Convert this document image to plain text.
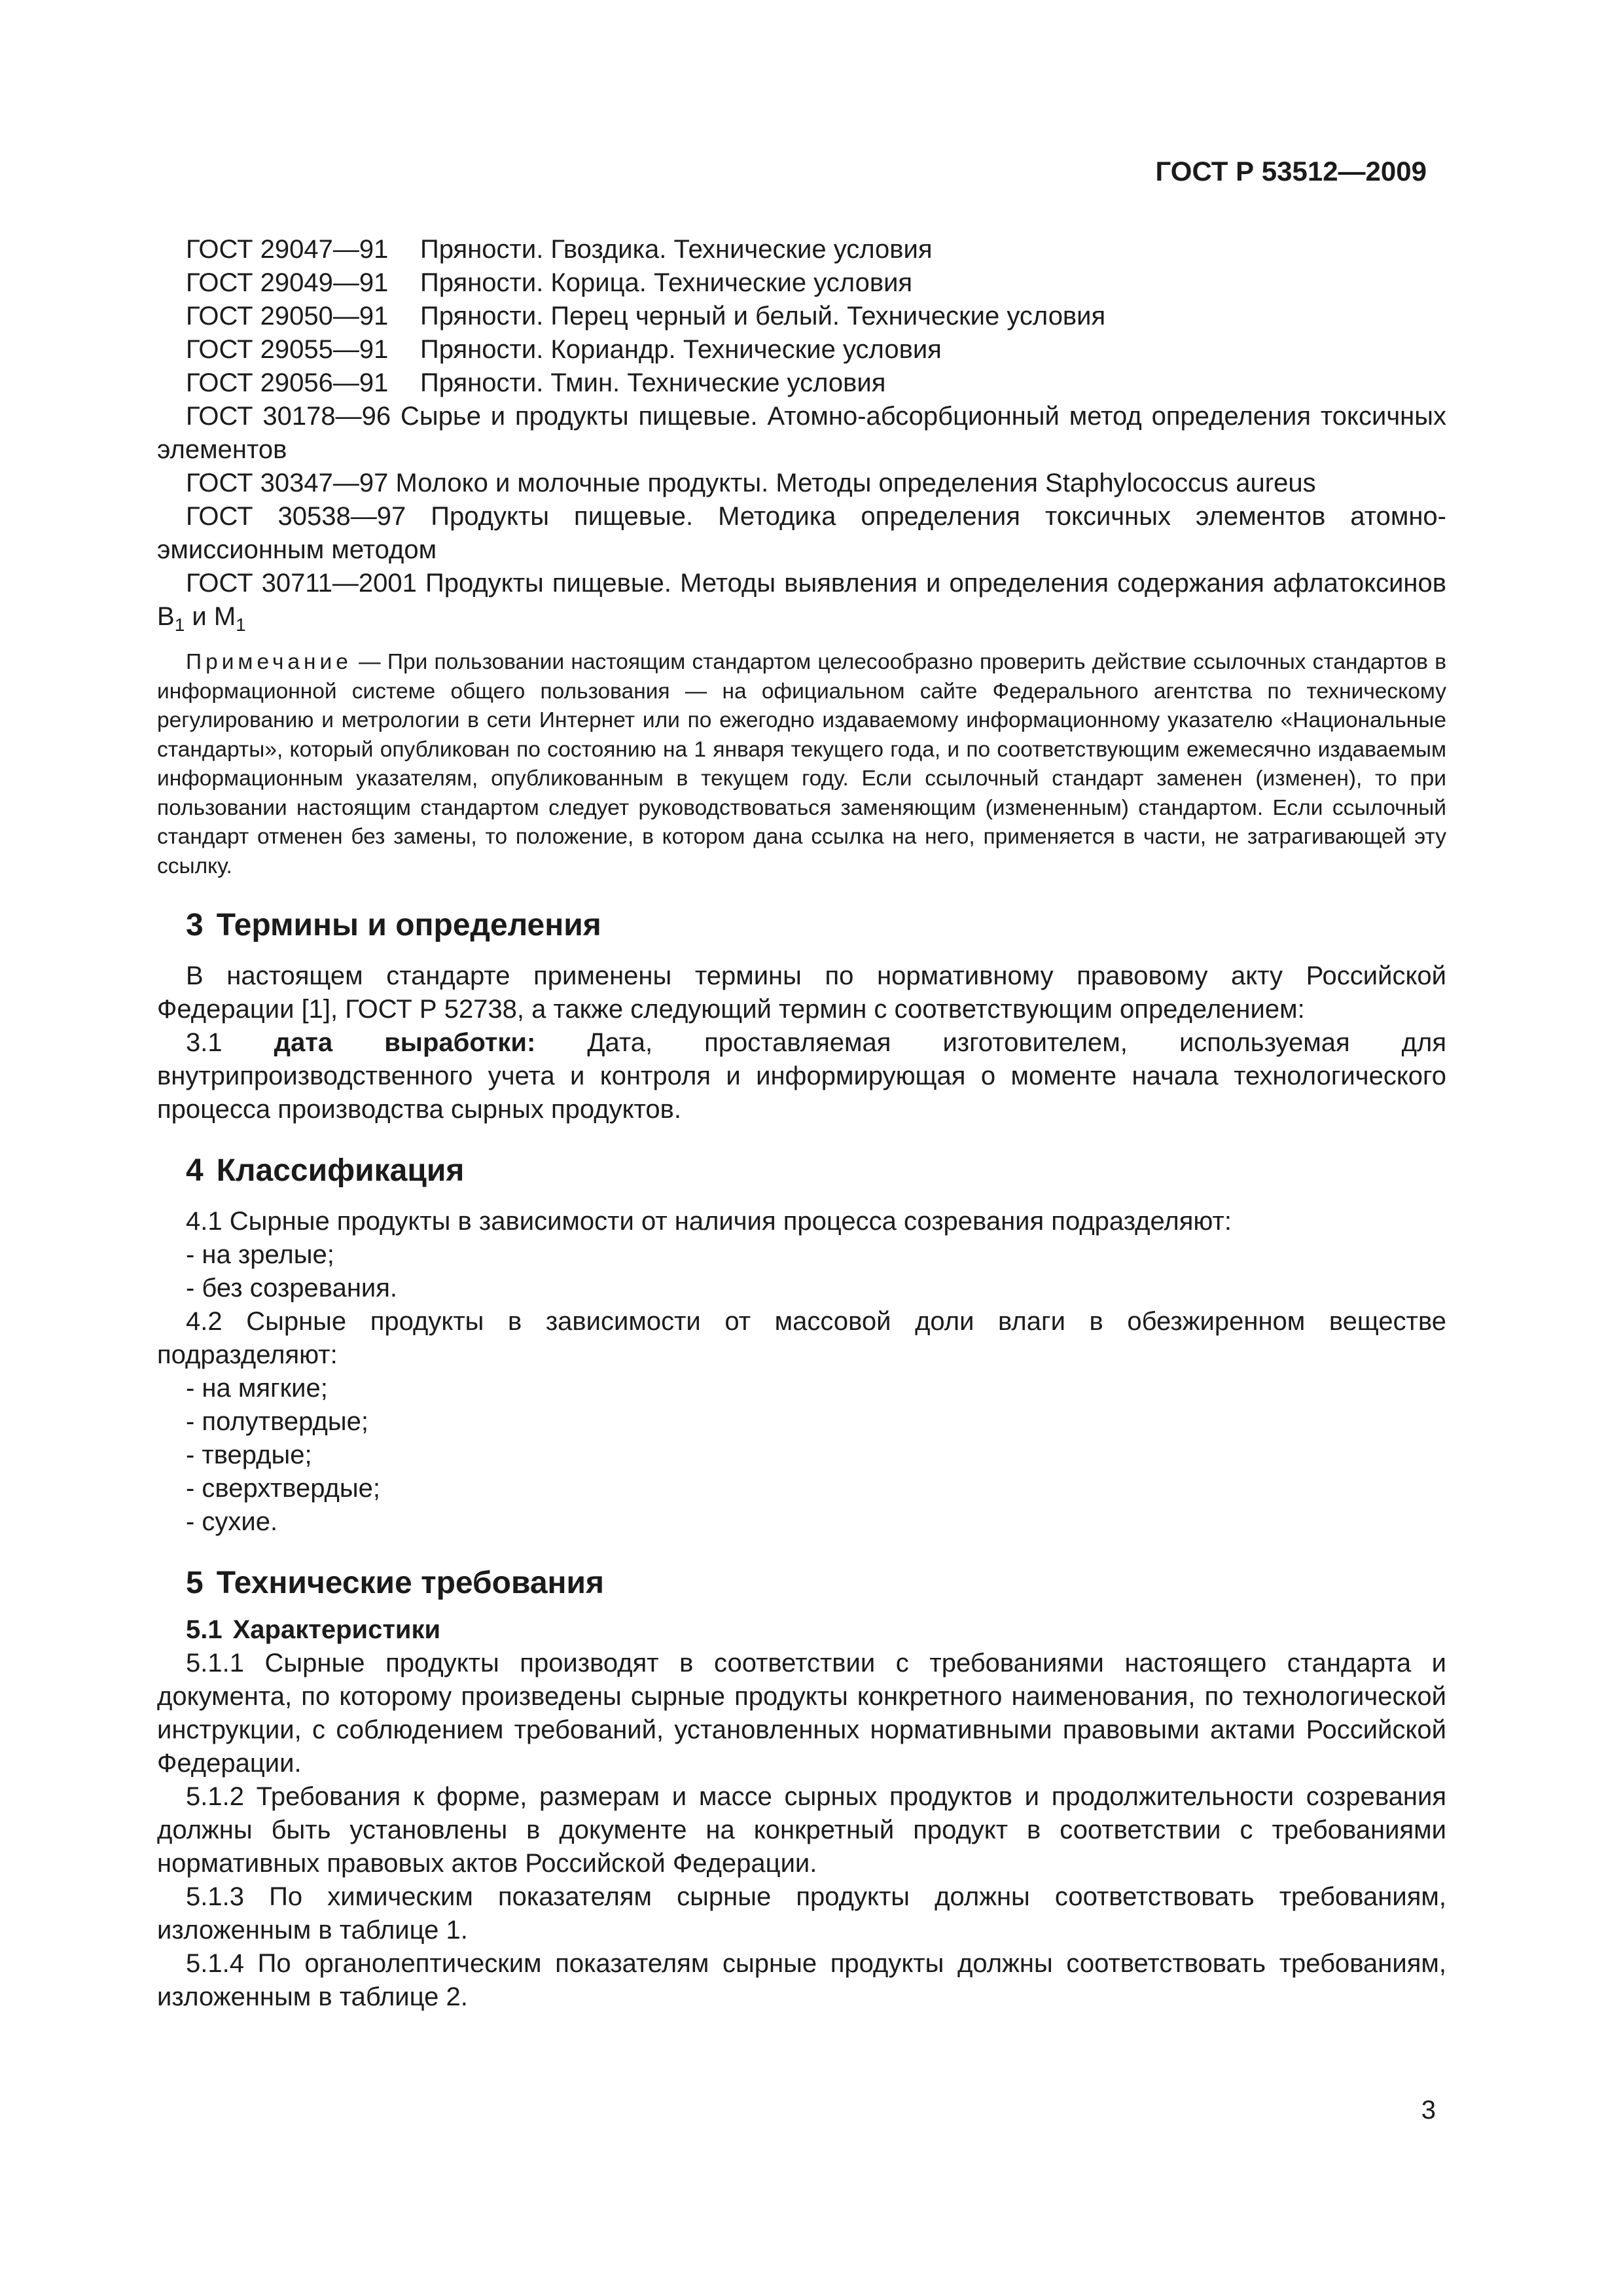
ГОСТ Р 53512—2009

ГОСТ 29047—91 Пряности. Гвоздика. Технические условия

ГОСТ 29049—91 Пряности. Корица. Технические условия

ГОСТ 29050—91 Пряности. Перец черный и белый. Технические условия

ГОСТ 29055—91 Пряности. Кориандр. Технические условия

ГОСТ 29056—91 Пряности. Тмин. Технические условия

ГОСТ 30178—96 Сырье и продукты пищевые. Атомно-абсорбционный метод определения токсичных элементов

ГОСТ 30347—97 Молоко и молочные продукты. Методы определения Staphylococcus aureus

ГОСТ 30538—97 Продукты пищевые. Методика определения токсичных элементов атомно-эмиссионным методом

ГОСТ 30711—2001 Продукты пищевые. Методы выявления и определения содержания афлатоксинов $B_1$ и $M_1$

Примечание — При пользовании настоящим стандартом целесообразно проверить действие ссылочных стандартов в информационной системе общего пользования — на официальном сайте Федерального агентства по техническому регулированию и метрологии в сети Интернет или по ежегодно издаваемому информационному указателю «Национальные стандарты», который опубликован по состоянию на 1 января текущего года, и по соответствующим ежемесячно издаваемым информационным указателям, опубликованным в текущем году. Если ссылочный стандарт заменен (изменен), то при пользовании настоящим стандартом следует руководствоваться заменяющим (измененным) стандартом. Если ссылочный стандарт отменен без замены, то положение, в котором дана ссылка на него, применяется в части, не затрагивающей эту ссылку.

3 Термины и определения

В настоящем стандарте применены термины по нормативному правовому акту Российской Федерации [1], ГОСТ Р 52738, а также следующий термин с соответствующим определением:

3.1 дата выработки: Дата, проставляемая изготовителем, используемая для внутрипроизводственного учета и контроля и информирующая о моменте начала технологического процесса производства сырных продуктов.

4 Классификация

4.1 Сырные продукты в зависимости от наличия процесса созревания подразделяют:

- на зрелые;

- без созревания.

4.2 Сырные продукты в зависимости от массовой доли влаги в обезжиренном веществе подразделяют:

- на мягкие;

- полутвердые;

- твердые;

- сверхтвердые;

- сухие.

5 Технические требования
5.1 Характеристики

5.1.1 Сырные продукты производят в соответствии с требованиями настоящего стандарта и документа, по которому произведены сырные продукты конкретного наименования, по технологической инструкции, с соблюдением требований, установленных нормативными правовыми актами Российской Федерации.

5.1.2 Требования к форме, размерам и массе сырных продуктов и продолжительности созревания должны быть установлены в документе на конкретный продукт в соответствии с требованиями нормативных правовых актов Российской Федерации.

5.1.3 По химическим показателям сырные продукты должны соответствовать требованиям, изложенным в таблице 1.

5.1.4 По органолептическим показателям сырные продукты должны соответствовать требованиям, изложенным в таблице 2.

3
